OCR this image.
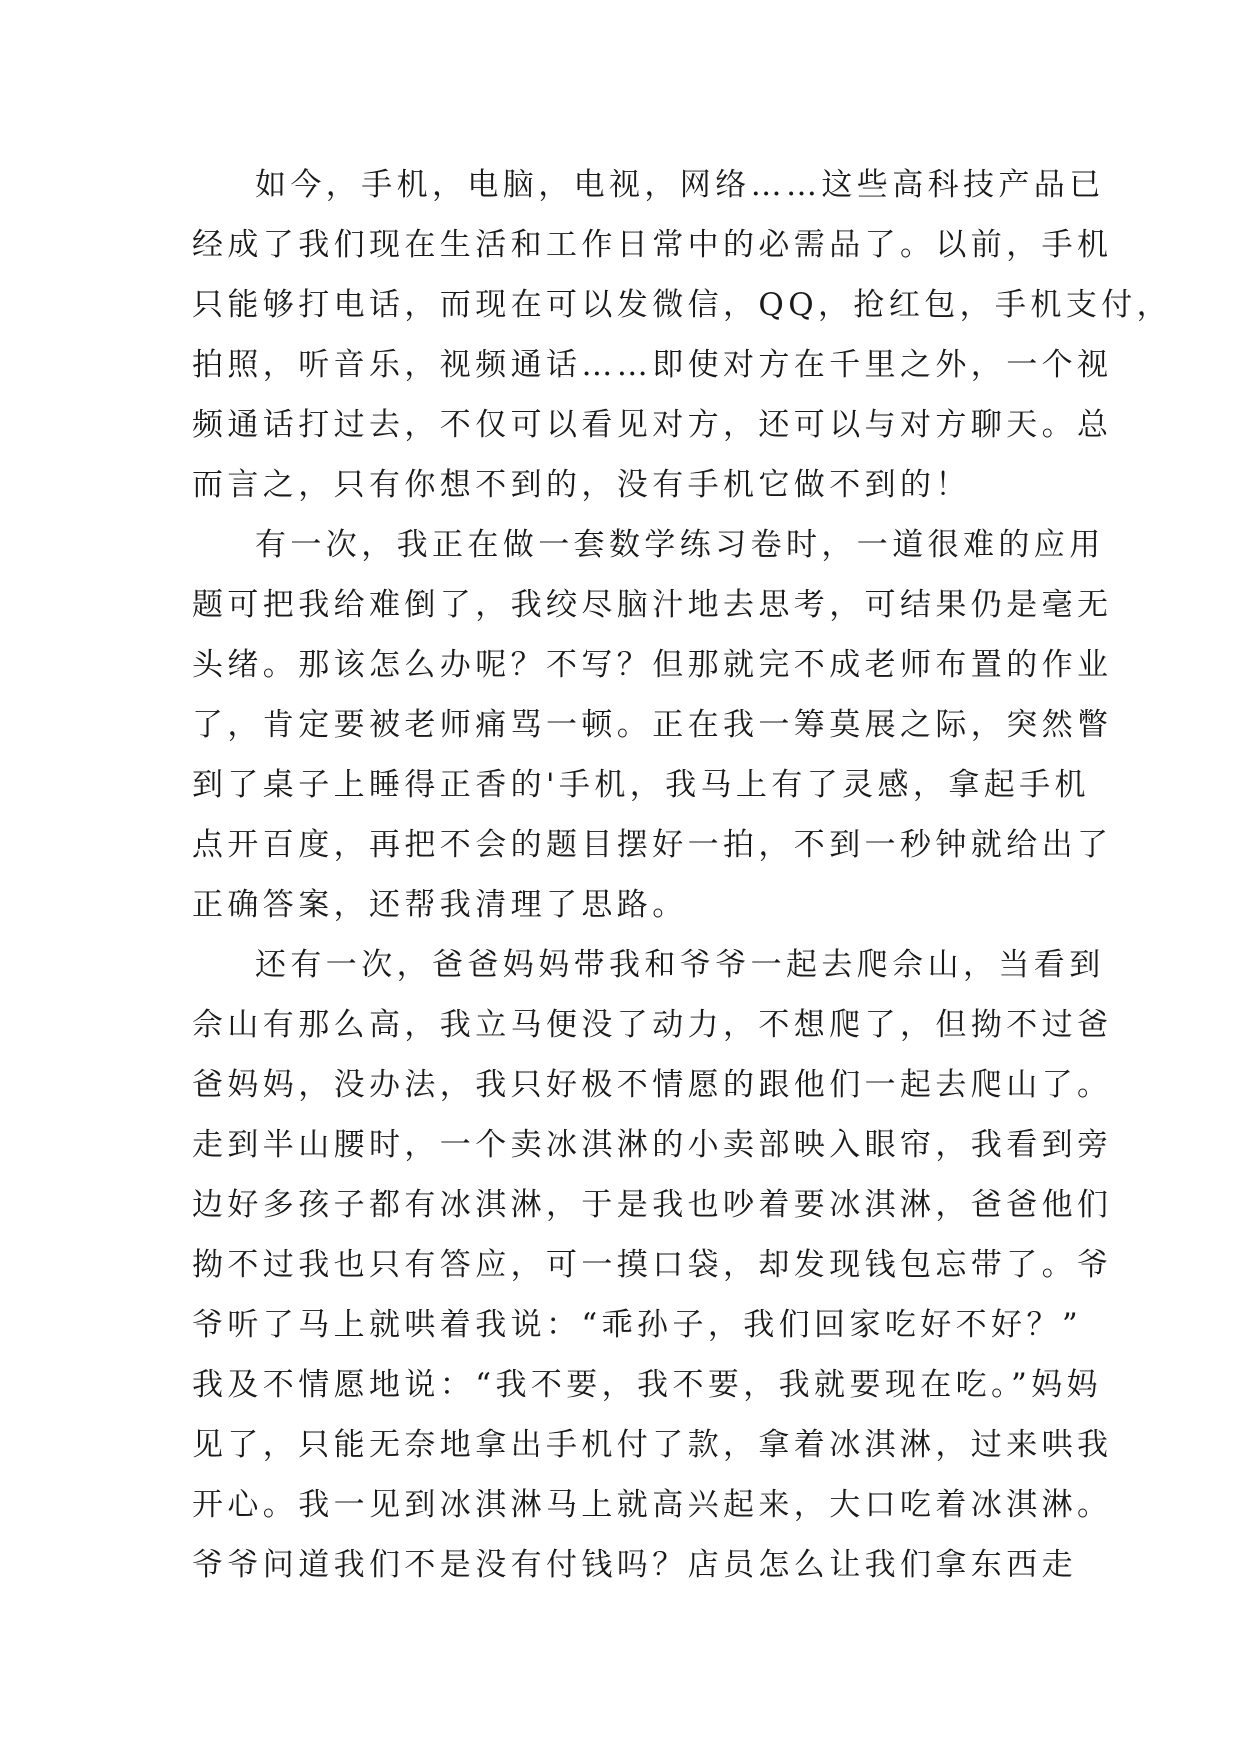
如今，手机，电脑，电视，网络……这些高科技产品已
经成了我们现在生活和工作日常中的必需品了。以前，手机
只能够打电话，而现在可以发微信，QQ，抢红包，手机支付，
拍照，听音乐，视频通话……即使对方在千里之外，一个视
频通话打过去，不仅可以看见对方，还可以与对方聊天。总
而言之，只有你想不到的，没有手机它做不到的！
有一次，我正在做一套数学练习卷时，一道很难的应用
题可把我给难倒了，我绞尽脑汁地去思考，可结果仍是毫无
头绪。那该怎么办呢？不写？但那就完不成老师布置的作业
了，肯定要被老师痛骂一顿。正在我一筹莫展之际，突然瞥
到了桌子上睡得正香的'手机，我马上有了灵感，拿起手机
点开百度，再把不会的题目摆好一拍，不到一秒钟就给出了
正确答案，还帮我清理了思路。
还有一次，爸爸妈妈带我和爷爷一起去爬佘山，当看到
佘山有那么高，我立马便没了动力，不想爬了，但拗不过爸
爸妈妈，没办法，我只好极不情愿的跟他们一起去爬山了。
走到半山腰时，一个卖冰淇淋的小卖部映入眼帘，我看到旁
边好多孩子都有冰淇淋，于是我也吵着要冰淇淋，爸爸他们
拗不过我也只有答应，可一摸口袋，却发现钱包忘带了。爷
爷听了马上就哄着我说：“乖孙子，我们回家吃好不好？”
我及不情愿地说：“我不要，我不要，我就要现在吃。”妈妈
见了，只能无奈地拿出手机付了款，拿着冰淇淋，过来哄我
开心。我一见到冰淇淋马上就高兴起来，大口吃着冰淇淋。
爷爷问道我们不是没有付钱吗？店员怎么让我们拿东西走
